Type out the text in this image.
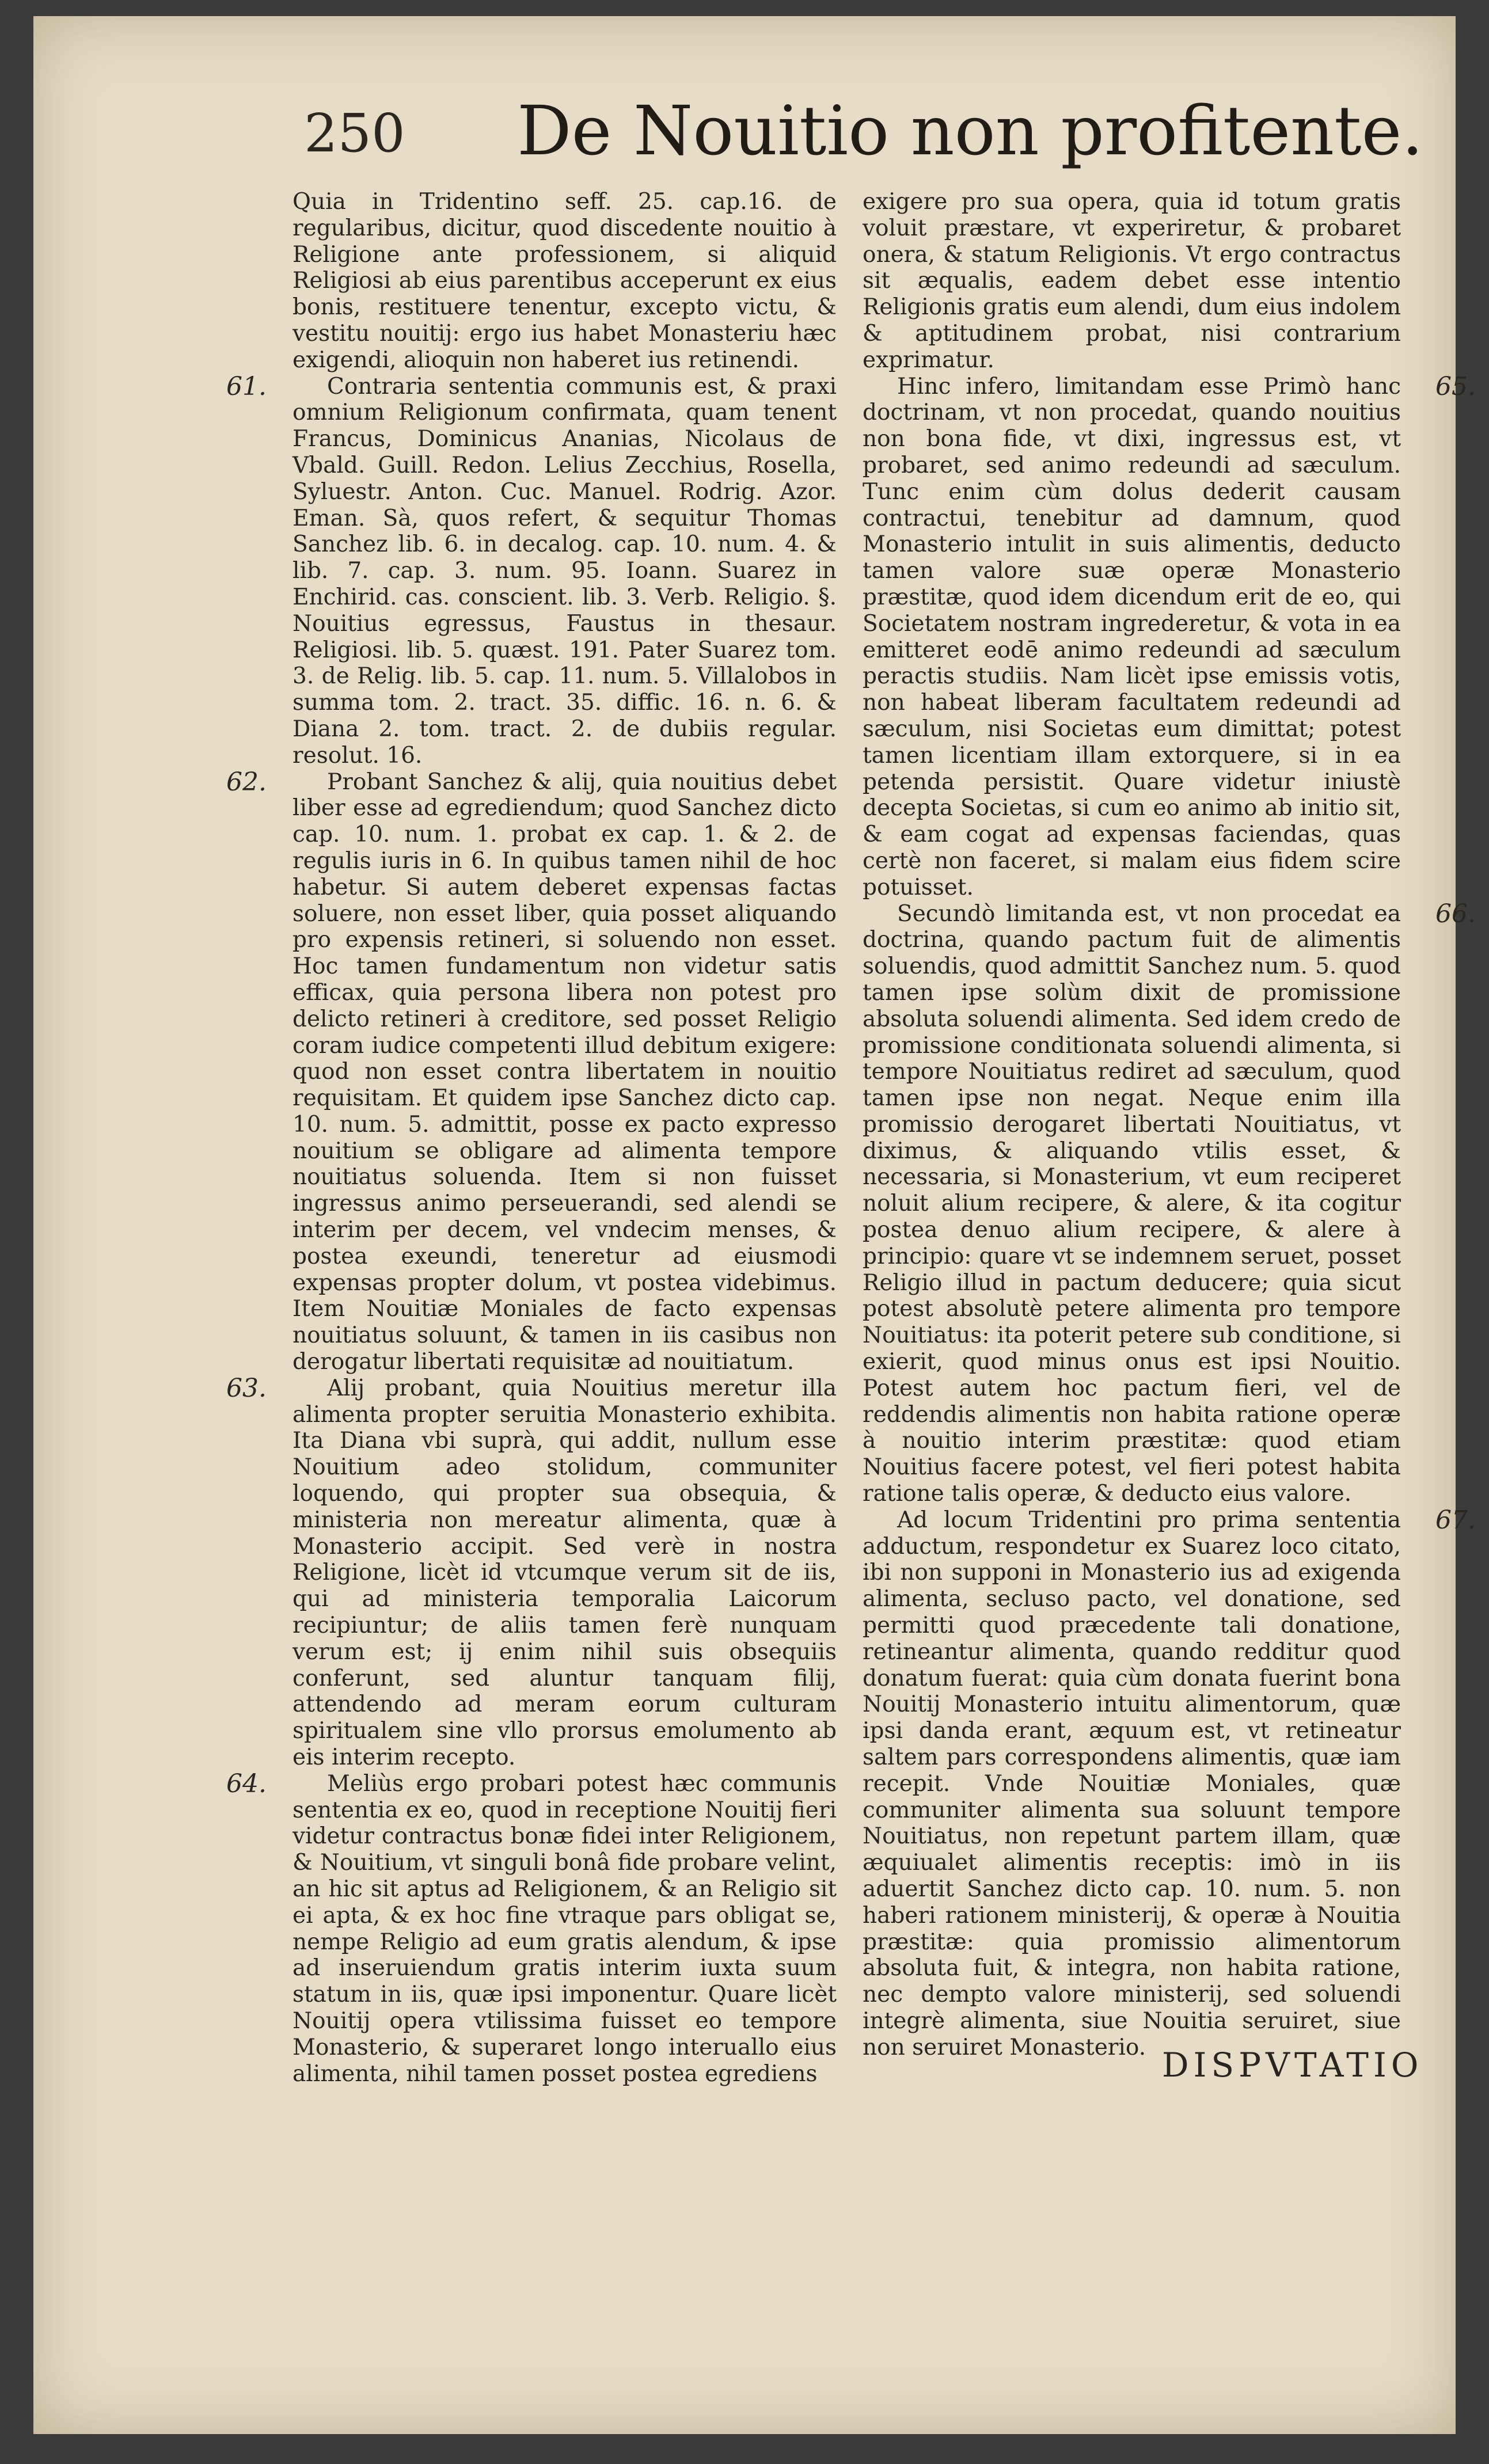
250 De Nouitio non profitente.

Quia in Tridentino seff. 25. cap.16. de regularibus, dicitur, quod discedente nouitio à Religione ante professionem, si aliquid Religiosi ab eius parentibus acceperunt ex eius bonis, restituere tenentur, excepto victu, & vestitu nouitij: ergo ius habet Monasteriu hæc exigendi, alioquin non haberet ius retinendi.

61.	Contraria sententia communis est, & praxi omnium Religionum confirmata, quam tenent Francus, Dominicus Ananias, Nicolaus de Vbald. Guill. Redon. Lelius Zecchius, Rosella, Syluestr. Anton. Cuc. Manuel. Rodrig. Azor. Eman. Sà, quos refert, & sequitur Thomas Sanchez lib. 6. in decalog. cap. 10. num. 4. & lib. 7. cap. 3. num. 95. Ioann. Suarez in Enchirid. cas. conscient. lib. 3. Verb. Religio. §. Nouitius egressus, Faustus in thesaur. Religiosi. lib. 5. quæst. 191. Pater Suarez tom. 3. de Relig. lib. 5. cap. 11. num. 5. Villalobos in summa tom. 2. tract. 35. diffic. 16. n. 6. & Diana 2. tom. tract. 2. de dubiis regular. resolut. 16.

62.	Probant Sanchez & alij, quia nouitius debet liber esse ad egrediendum; quod Sanchez dicto cap. 10. num. 1. probat ex cap. 1. & 2. de regulis iuris in 6. In quibus tamen nihil de hoc habetur. Si autem deberet expensas factas soluere, non esset liber, quia posset aliquando pro expensis retineri, si soluendo non esset. Hoc tamen fundamentum non videtur satis efficax, quia persona libera non potest pro delicto retineri à creditore, sed posset Religio coram iudice competenti illud debitum exigere: quod non esset contra libertatem in nouitio requisitam. Et quidem ipse Sanchez dicto cap. 10. num. 5. admittit, posse ex pacto expresso nouitium se obligare ad alimenta tempore nouitiatus soluenda. Item si non fuisset ingressus animo perseuerandi, sed alendi se interim per decem, vel vndecim menses, & postea exeundi, teneretur ad eiusmodi expensas propter dolum, vt postea videbimus. Item Nouitiæ Moniales de facto expensas nouitiatus soluunt, & tamen in iis casibus non derogatur libertati requisitæ ad nouitiatum.

63.	Alij probant, quia Nouitius meretur illa alimenta propter seruitia Monasterio exhibita. Ita Diana vbi suprà, qui addit, nullum esse Nouitium adeo stolidum, communiter loquendo, qui propter sua obsequia, & ministeria non mereatur alimenta, quæ à Monasterio accipit. Sed verè in nostra Religione, licèt id vtcumque verum sit de iis, qui ad ministeria temporalia Laicorum recipiuntur; de aliis tamen ferè nunquam verum est; ij enim nihil suis obsequiis conferunt, sed aluntur tanquam filij, attendendo ad meram eorum culturam spiritualem sine vllo prorsus emolumento ab eis interim recepto.

64.	Meliùs ergo probari potest hæc communis sententia ex eo, quod in receptione Nouitij fieri videtur contractus bonæ fidei inter Religionem, & Nouitium, vt singuli bonâ fide probare velint, an hic sit aptus ad Religionem, & an Religio sit ei apta, & ex hoc fine vtraque pars obligat se, nempe Religio ad eum gratis alendum, & ipse ad inseruiendum gratis interim iuxta suum statum in iis, quæ ipsi imponentur. Quare licèt Nouitij opera vtilissima fuisset eo tempore Monasterio, & superaret longo interuallo eius alimenta, nihil tamen posset postea egrediens

exigere pro sua opera, quia id totum gratis voluit præstare, vt experiretur, & probaret onera, & statum Religionis. Vt ergo contractus sit æqualis, eadem debet esse intentio Religionis gratis eum alendi, dum eius indolem & aptitudinem probat, nisi contrarium exprimatur.

65.
Hinc infero, limitandam esse Primò hanc doctrinam, vt non procedat, quando nouitius non bona fide, vt dixi, ingressus est, vt probaret, sed animo redeundi ad sæculum. Tunc enim cùm dolus dederit causam contractui, tenebitur ad damnum, quod Monasterio intulit in suis alimentis, deducto tamen valore suæ operæ Monasterio præstitæ, quod idem dicendum erit de eo, qui Societatem nostram ingrederetur, & vota in ea emitteret eodē animo redeundi ad sæculum peractis studiis. Nam licèt ipse emissis votis, non habeat liberam facultatem redeundi ad sæculum, nisi Societas eum dimittat; potest tamen licentiam illam extorquere, si in ea petenda persistit. Quare videtur iniustè decepta Societas, si cum eo animo ab initio sit, & eam cogat ad expensas faciendas, quas certè non faceret, si malam eius fidem scire potuisset.

66.
Secundò limitanda est, vt non procedat ea doctrina, quando pactum fuit de alimentis soluendis, quod admittit Sanchez num. 5. quod tamen ipse solùm dixit de promissione absoluta soluendi alimenta. Sed idem credo de promissione conditionata soluendi alimenta, si tempore Nouitiatus rediret ad sæculum, quod tamen ipse non negat. Neque enim illa promissio derogaret libertati Nouitiatus, vt diximus, & aliquando vtilis esset, & necessaria, si Monasterium, vt eum reciperet noluit alium recipere, & alere, & ita cogitur postea denuo alium recipere, & alere à principio: quare vt se indemnem seruet, posset Religio illud in pactum deducere; quia sicut potest absolutè petere alimenta pro tempore Nouitiatus: ita poterit petere sub conditione, si exierit, quod minus onus est ipsi Nouitio. Potest autem hoc pactum fieri, vel de reddendis alimentis non habita ratione operæ à nouitio interim præstitæ: quod etiam Nouitius facere potest, vel fieri potest habita ratione talis operæ, & deducto eius valore.

67.
Ad locum Tridentini pro prima sententia adductum, respondetur ex Suarez loco citato, ibi non supponi in Monasterio ius ad exigenda alimenta, secluso pacto, vel donatione, sed permitti quod præcedente tali donatione, retineantur alimenta, quando redditur quod donatum fuerat: quia cùm donata fuerint bona Nouitij Monasterio intuitu alimentorum, quæ ipsi danda erant, æquum est, vt retineatur saltem pars correspondens alimentis, quæ iam recepit. Vnde Nouitiæ Moniales, quæ communiter alimenta sua soluunt tempore Nouitiatus, non repetunt partem illam, quæ æquiualet alimentis receptis: imò in iis aduertit Sanchez dicto cap. 10. num. 5. non haberi rationem ministerij, & operæ à Nouitia præstitæ: quia promissio alimentorum absoluta fuit, & integra, non habita ratione, nec dempto valore ministerij, sed soluendi integrè alimenta, siue Nouitia seruiret, siue non seruiret Monasterio. DISPVTATIO
